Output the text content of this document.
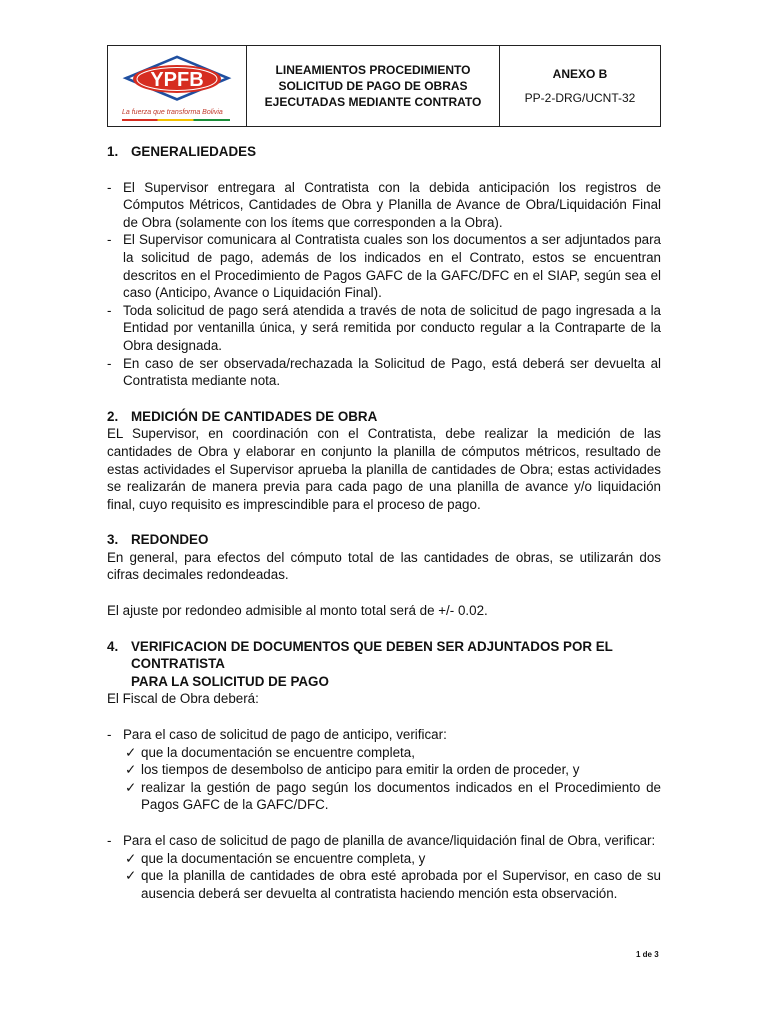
YPFB
La fuerza que transforma Bolivia
LINEAMIENTOS PROCEDIMIENTO
SOLICITUD DE PAGO DE OBRAS
EJECUTADAS MEDIANTE CONTRATO
ANEXO B
PP-2-DRG/UCNT-32
1. GENERALIEDADES
- El Supervisor entregara al Contratista con la debida anticipación los registros de Cómputos Métricos, Cantidades de Obra y Planilla de Avance de Obra/Liquidación Final de Obra (solamente con los ítems que corresponden a la Obra).
- El Supervisor comunicara al Contratista cuales son los documentos a ser adjuntados para la solicitud de pago, además de los indicados en el Contrato, estos se encuentran descritos en el Procedimiento de Pagos GAFC de la GAFC/DFC en el SIAP, según sea el caso (Anticipo, Avance o Liquidación Final).
- Toda solicitud de pago será atendida a través de nota de solicitud de pago ingresada a la Entidad por ventanilla única, y será remitida por conducto regular a la Contraparte de la Obra designada.
- En caso de ser observada/rechazada la Solicitud de Pago, está deberá ser devuelta al Contratista mediante nota.
2. MEDICIÓN DE CANTIDADES DE OBRA

EL Supervisor, en coordinación con el Contratista, debe realizar la medición de las cantidades de Obra y elaborar en conjunto la planilla de cómputos métricos, resultado de estas actividades el Supervisor aprueba la planilla de cantidades de Obra; estas actividades se realizarán de manera previa para cada pago de una planilla de avance y/o liquidación final, cuyo requisito es imprescindible para el proceso de pago.

3. REDONDEO

En general, para efectos del cómputo total de las cantidades de obras, se utilizarán dos cifras decimales redondeadas.

El ajuste por redondeo admisible al monto total será de +/- 0.02.

4. VERIFICACION DE DOCUMENTOS QUE DEBEN SER ADJUNTADOS POR EL CONTRATISTA
PARA LA SOLICITUD DE PAGO

El Fiscal de Obra deberá:

- Para el caso de solicitud de pago de anticipo, verificar:
✓ que la documentación se encuentre completa,
✓ los tiempos de desembolso de anticipo para emitir la orden de proceder, y
✓ realizar la gestión de pago según los documentos indicados en el Procedimiento de Pagos GAFC de la GAFC/DFC.
- Para el caso de solicitud de pago de planilla de avance/liquidación final de Obra, verificar:
✓ que la documentación se encuentre completa, y
✓ que la planilla de cantidades de obra esté aprobada por el Supervisor, en caso de su ausencia deberá ser devuelta al contratista haciendo mención esta observación.
1 de 3
